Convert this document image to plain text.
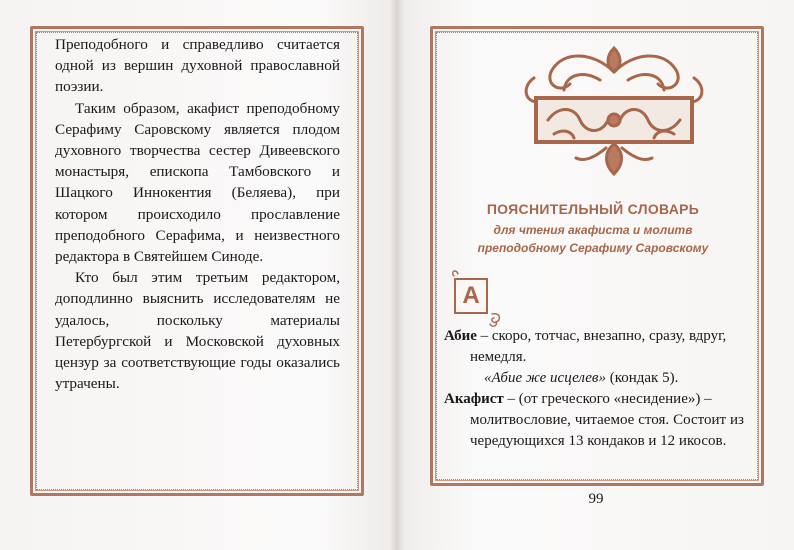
Преподобного и справедливо считается одной из вершин духовной православной поэзии.

Таким образом, акафист преподобному Серафиму Саровскому является плодом духовного творчества сестер Дивеевского монастыря, епископа Тамбовского и Шацкого Иннокентия (Беляева), при котором происходило прославление преподобного Серафима, и неизвестного редактора в Святейшем Синоде.

Кто был этим третьим редактором, доподлинно выяснить исследователям не удалось, поскольку материалы Петербургской и Московской духовных цензур за соответствующие годы оказались утрачены.

ПОЯСНИТЕЛЬНЫЙ СЛОВАРЬ
для чтения акафиста и молитв
преподобному Серафиму Саровскому
А

Абие – скоро, тотчас, внезапно, сразу, вдруг,

немедля.

«Абие же исцелев» (кондак 5).

Акафист – (от греческого «несидение») –

молитвословие, читаемое стоя. Состоит из чередующихся 13 кондаков и 12 икосов.

99
